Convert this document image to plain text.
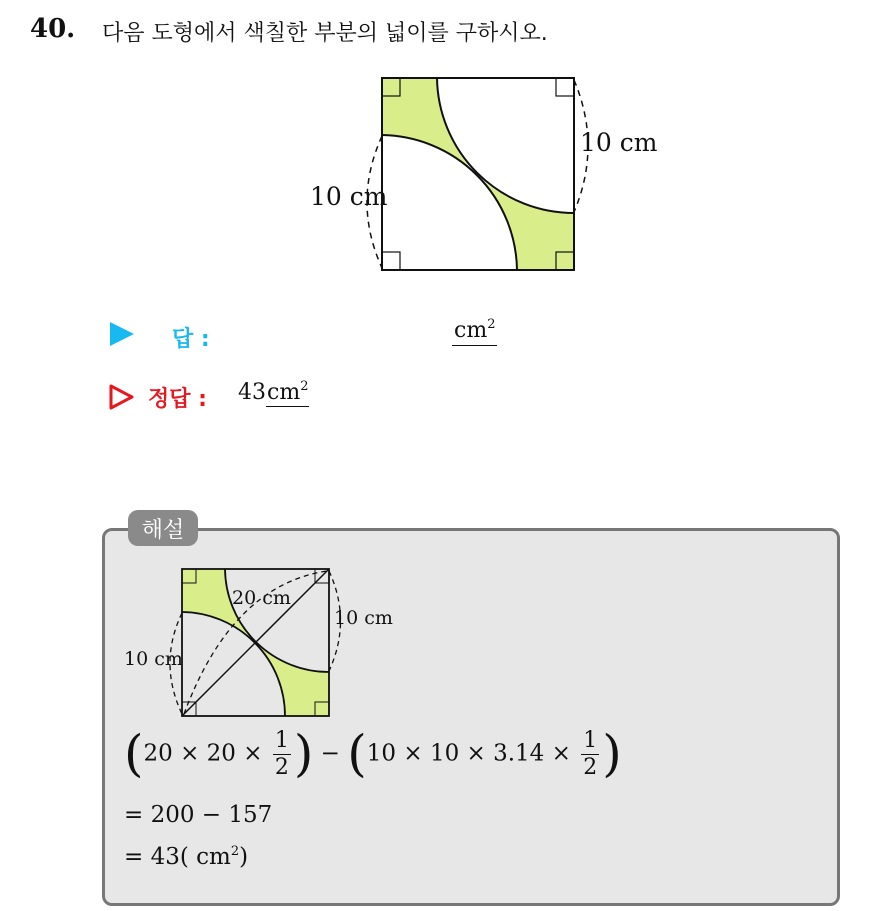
40. 다음 도형에서 색칠한 부분의 넓이를 구하시오.
10 cm
10 cm
답 :	$cm^2$
정답 : $43cm^2$
해설
20 cm
10 cm
10 cm
($20 \times 20 \times \frac{1}{2}$ ) − ($10 \times 10 \times 3.14 \times \frac{1}{2}$ )
= 200 − 157
= 43( $cm^2$)
